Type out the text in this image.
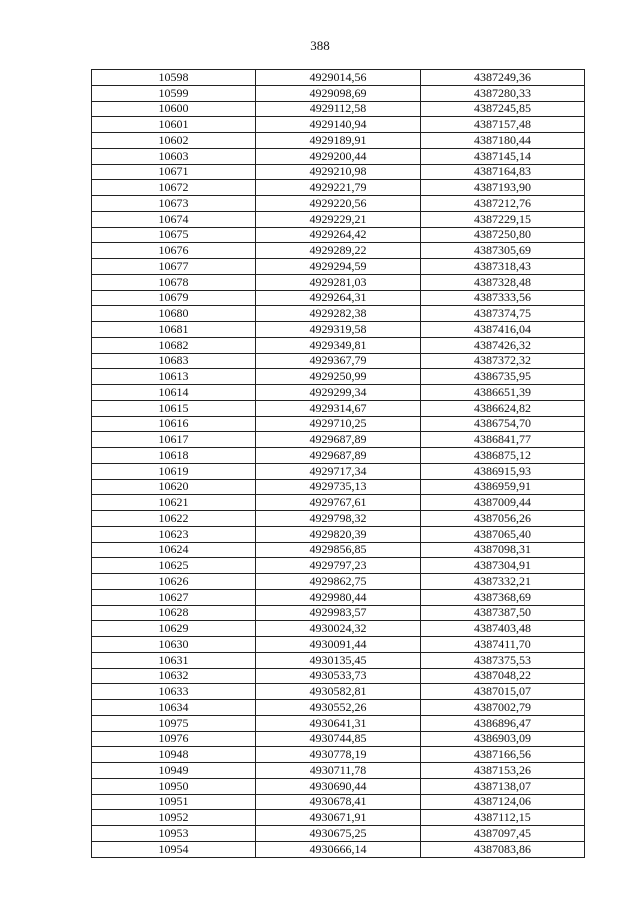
388
10598	4929014,56	4387249,36
10599	4929098,69	4387280,33
10600	4929112,58	4387245,85
10601	4929140,94	4387157,48
10602	4929189,91	4387180,44
10603	4929200,44	4387145,14
10671	4929210,98	4387164,83
10672	4929221,79	4387193,90
10673	4929220,56	4387212,76
10674	4929229,21	4387229,15
10675	4929264,42	4387250,80
10676	4929289,22	4387305,69
10677	4929294,59	4387318,43
10678	4929281,03	4387328,48
10679	4929264,31	4387333,56
10680	4929282,38	4387374,75
10681	4929319,58	4387416,04
10682	4929349,81	4387426,32
10683	4929367,79	4387372,32
10613	4929250,99	4386735,95
10614	4929299,34	4386651,39
10615	4929314,67	4386624,82
10616	4929710,25	4386754,70
10617	4929687,89	4386841,77
10618	4929687,89	4386875,12
10619	4929717,34	4386915,93
10620	4929735,13	4386959,91
10621	4929767,61	4387009,44
10622	4929798,32	4387056,26
10623	4929820,39	4387065,40
10624	4929856,85	4387098,31
10625	4929797,23	4387304,91
10626	4929862,75	4387332,21
10627	4929980,44	4387368,69
10628	4929983,57	4387387,50
10629	4930024,32	4387403,48
10630	4930091,44	4387411,70
10631	4930135,45	4387375,53
10632	4930533,73	4387048,22
10633	4930582,81	4387015,07
10634	4930552,26	4387002,79
10975	4930641,31	4386896,47
10976	4930744,85	4386903,09
10948	4930778,19	4387166,56
10949	4930711,78	4387153,26
10950	4930690,44	4387138,07
10951	4930678,41	4387124,06
10952	4930671,91	4387112,15
10953	4930675,25	4387097,45
10954	4930666,14	4387083,86
